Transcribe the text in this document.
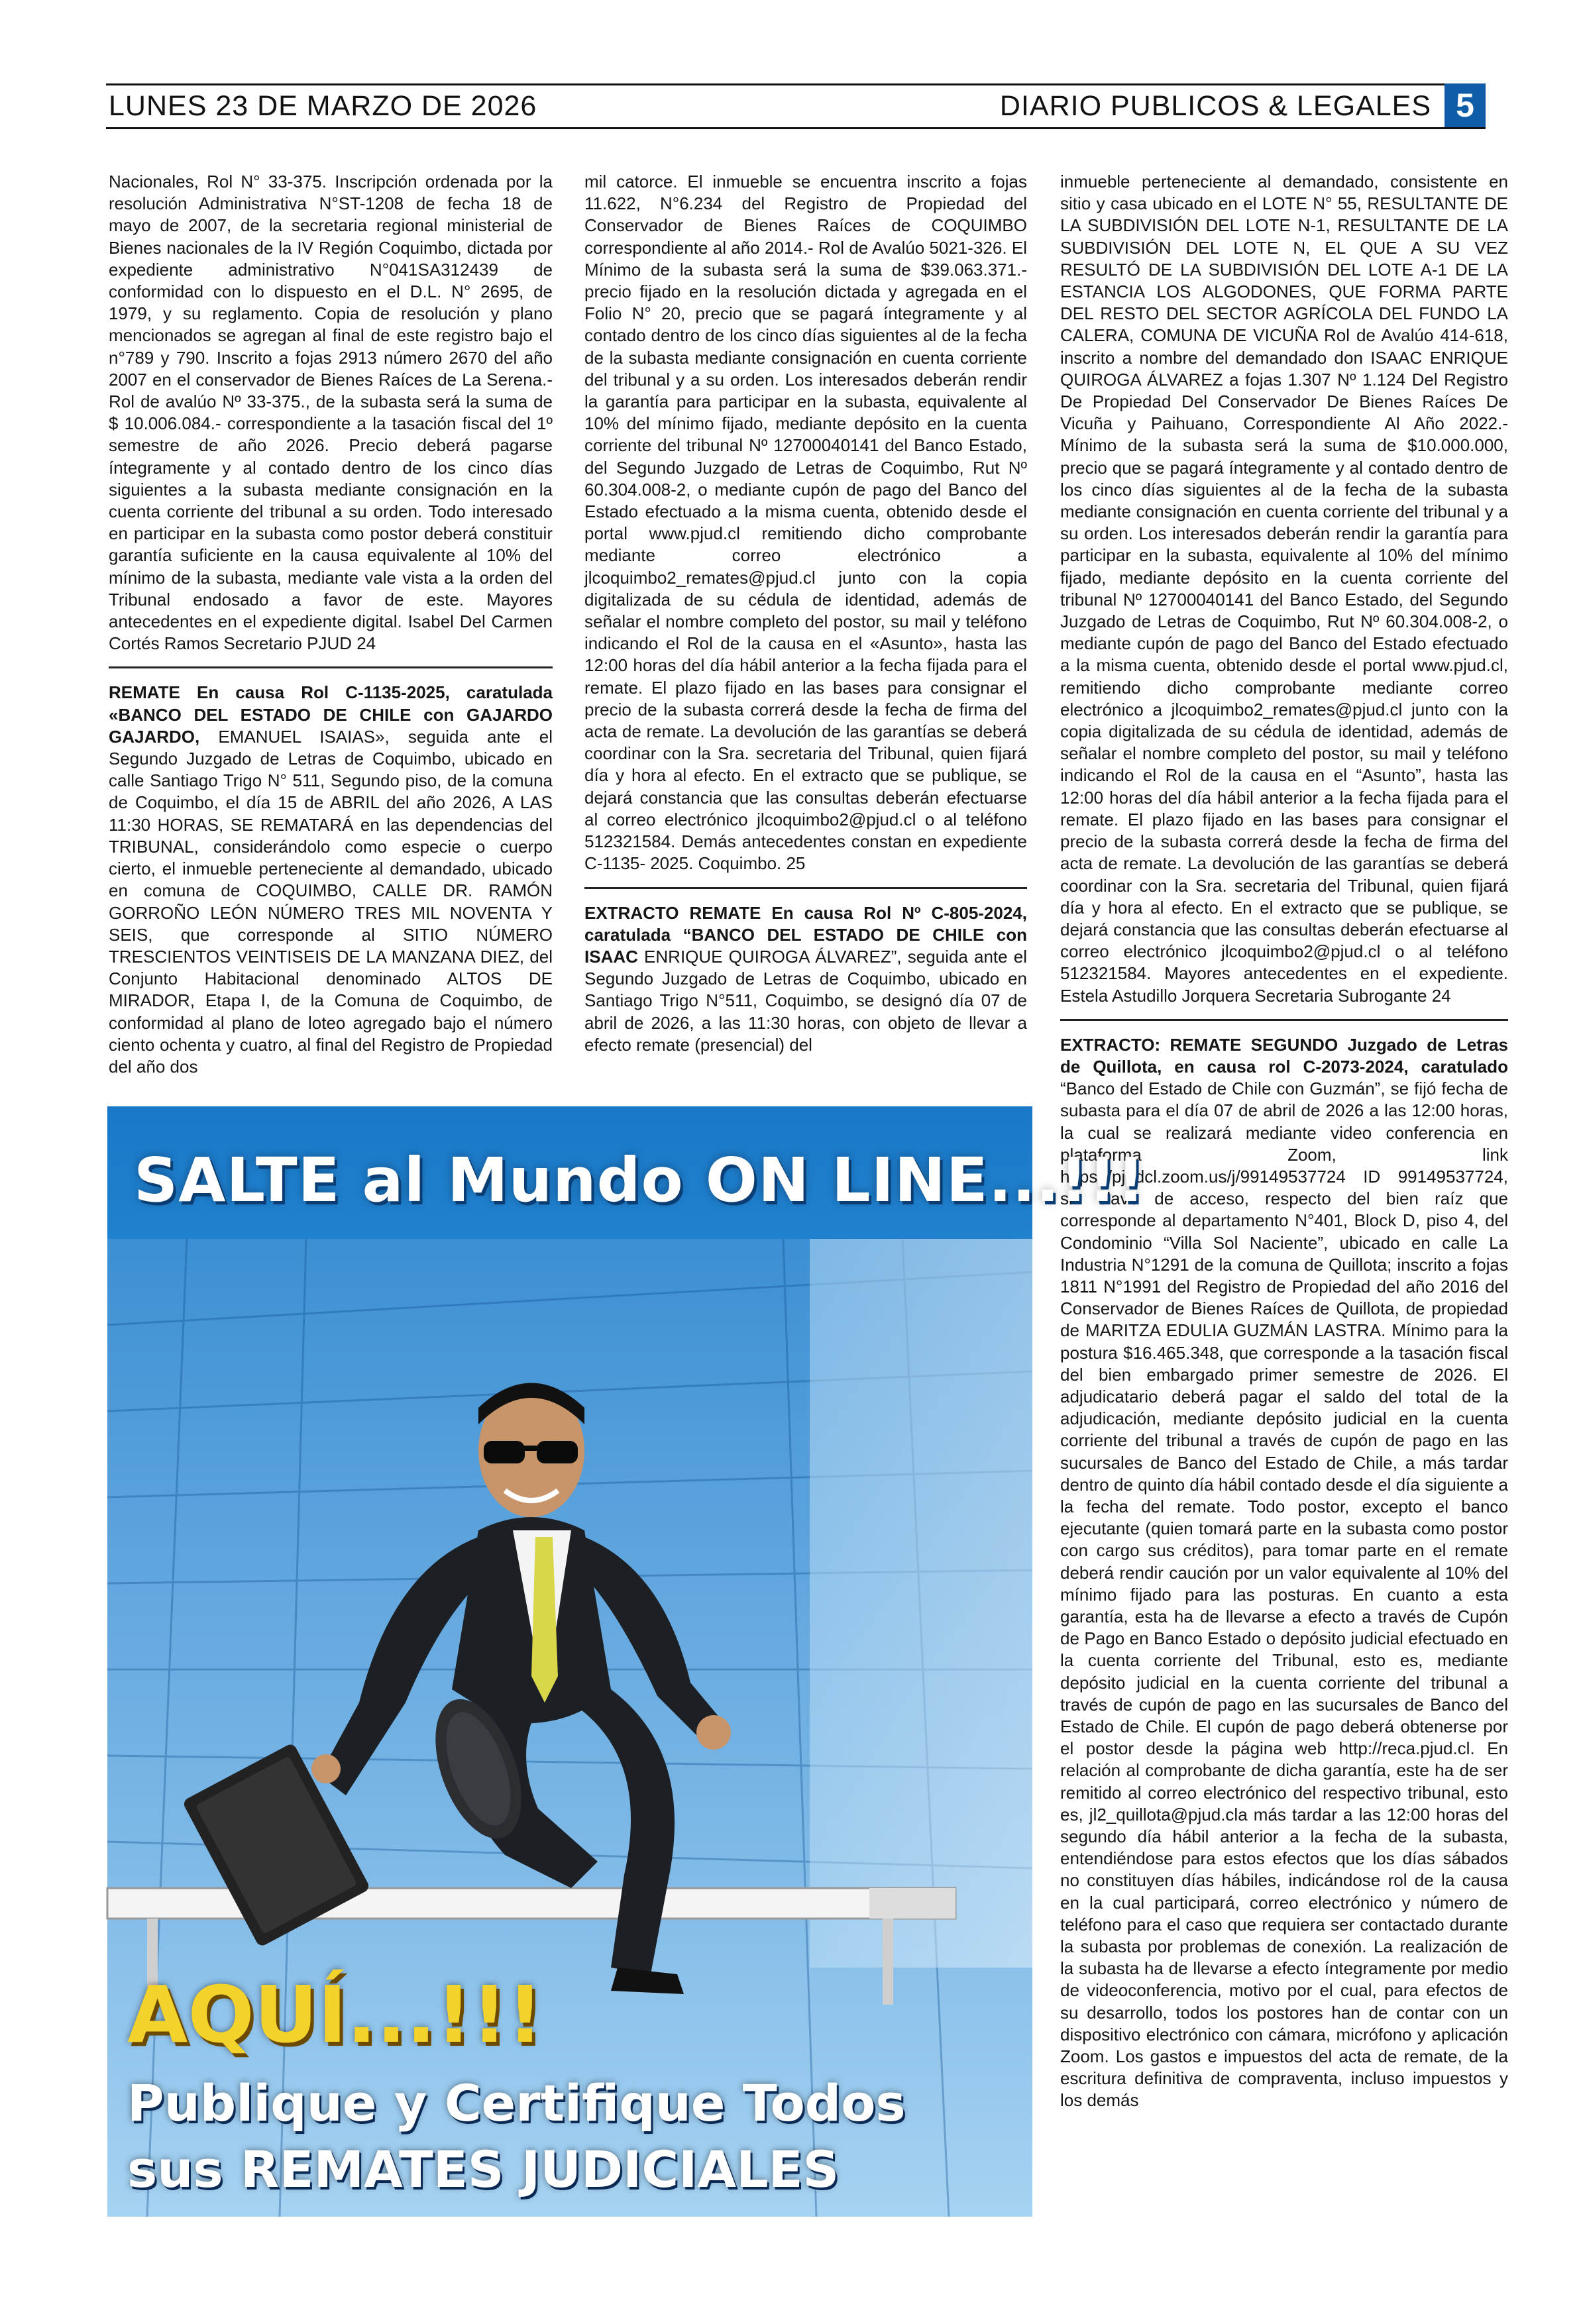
LUNES 23 DE MARZO DE 2026	DIARIO PUBLICOS & LEGALES 5

Nacionales, Rol N° 33-375. Inscripción ordenada por la resolución Administrativa N°ST-1208 de fecha 18 de mayo de 2007, de la secretaria regional ministerial de Bienes nacionales de la IV Región Coquimbo, dictada por expediente administrativo N°041SA312439 de conformidad con lo dispuesto en el D.L. N° 2695, de 1979, y su reglamento. Copia de resolución y plano mencionados se agregan al final de este registro bajo el n°789 y 790. Inscrito a fojas 2913 número 2670 del año 2007 en el conservador de Bienes Raíces de La Serena.- Rol de avalúo Nº 33-375., de la subasta será la suma de $ 10.006.084.- correspondiente a la tasación fiscal del 1º semestre de año 2026. Precio deberá pagarse íntegramente y al contado dentro de los cinco días siguientes a la subasta mediante consignación en la cuenta corriente del tribunal a su orden. Todo interesado en participar en la subasta como postor deberá constituir garantía suficiente en la causa equivalente al 10% del mínimo de la subasta, mediante vale vista a la orden del Tribunal endosado a favor de este. Mayores antecedentes en el expediente digital. Isabel Del Carmen Cortés Ramos Secretario PJUD 24

REMATE En causa Rol C-1135-2025, caratulada «BANCO DEL ESTADO DE CHILE con GAJARDO GAJARDO, EMANUEL ISAIAS», seguida ante el Segundo Juzgado de Letras de Coquimbo, ubicado en calle Santiago Trigo N° 511, Segundo piso, de la comuna de Coquimbo, el día 15 de ABRIL del año 2026, A LAS 11:30 HORAS, SE REMATARÁ en las dependencias del TRIBUNAL, considerándolo como especie o cuerpo cierto, el inmueble perteneciente al demandado, ubicado en comuna de COQUIMBO, CALLE DR. RAMÓN GORROÑO LEÓN NÚMERO TRES MIL NOVENTA Y SEIS, que corresponde al SITIO NÚMERO TRESCIENTOS VEINTISEIS DE LA MANZANA DIEZ, del Conjunto Habitacional denominado ALTOS DE MIRADOR, Etapa I, de la Comuna de Coquimbo, de conformidad al plano de loteo agregado bajo el número ciento ochenta y cuatro, al final del Registro de Propiedad del año dos

mil catorce. El inmueble se encuentra inscrito a fojas 11.622, N°6.234 del Registro de Propiedad del Conservador de Bienes Raíces de COQUIMBO correspondiente al año 2014.- Rol de Avalúo 5021-326. El Mínimo de la subasta será la suma de $39.063.371.- precio fijado en la resolución dictada y agregada en el Folio N° 20, precio que se pagará íntegramente y al contado dentro de los cinco días siguientes al de la fecha de la subasta mediante consignación en cuenta corriente del tribunal y a su orden. Los interesados deberán rendir la garantía para participar en la subasta, equivalente al 10% del mínimo fijado, mediante depósito en la cuenta corriente del tribunal Nº 12700040141 del Banco Estado, del Segundo Juzgado de Letras de Coquimbo, Rut Nº 60.304.008-2, o mediante cupón de pago del Banco del Estado efectuado a la misma cuenta, obtenido desde el portal www.pjud.cl remitiendo dicho comprobante mediante correo electrónico a jlcoquimbo2_remates@pjud.cl junto con la copia digitalizada de su cédula de identidad, además de señalar el nombre completo del postor, su mail y teléfono indicando el Rol de la causa en el «Asunto», hasta las 12:00 horas del día hábil anterior a la fecha fijada para el remate. El plazo fijado en las bases para consignar el precio de la subasta correrá desde la fecha de firma del acta de remate. La devolución de las garantías se deberá coordinar con la Sra. secretaria del Tribunal, quien fijará día y hora al efecto. En el extracto que se publique, se dejará constancia que las consultas deberán efectuarse al correo electrónico jlcoquimbo2@pjud.cl o al teléfono 512321584. Demás antecedentes constan en expediente C-1135- 2025. Coquimbo. 25

EXTRACTO REMATE En causa Rol Nº C-805-2024, caratulada “BANCO DEL ESTADO DE CHILE con ISAAC ENRIQUE QUIROGA ÁLVAREZ”, seguida ante el Segundo Juzgado de Letras de Coquimbo, ubicado en Santiago Trigo N°511, Coquimbo, se designó día 07 de abril de 2026, a las 11:30 horas, con objeto de llevar a efecto remate (presencial) del

inmueble perteneciente al demandado, consistente en sitio y casa ubicado en el LOTE N° 55, RESULTANTE DE LA SUBDIVISIÓN DEL LOTE N-1, RESULTANTE DE LA SUBDIVISIÓN DEL LOTE N, EL QUE A SU VEZ RESULTÓ DE LA SUBDIVISIÓN DEL LOTE A-1 DE LA ESTANCIA LOS ALGODONES, QUE FORMA PARTE DEL RESTO DEL SECTOR AGRÍCOLA DEL FUNDO LA CALERA, COMUNA DE VICUÑA Rol de Avalúo 414-618, inscrito a nombre del demandado don ISAAC ENRIQUE QUIROGA ÁLVAREZ a fojas 1.307 Nº 1.124 Del Registro De Propiedad Del Conservador De Bienes Raíces De Vicuña y Paihuano, Correspondiente Al Año 2022.- Mínimo de la subasta será la suma de $10.000.000, precio que se pagará íntegramente y al contado dentro de los cinco días siguientes al de la fecha de la subasta mediante consignación en cuenta corriente del tribunal y a su orden. Los interesados deberán rendir la garantía para participar en la subasta, equivalente al 10% del mínimo fijado, mediante depósito en la cuenta corriente del tribunal Nº 12700040141 del Banco Estado, del Segundo Juzgado de Letras de Coquimbo, Rut Nº 60.304.008-2, o mediante cupón de pago del Banco del Estado efectuado a la misma cuenta, obtenido desde el portal www.pjud.cl, remitiendo dicho comprobante mediante correo electrónico a jlcoquimbo2_remates@pjud.cl junto con la copia digitalizada de su cédula de identidad, además de señalar el nombre completo del postor, su mail y teléfono indicando el Rol de la causa en el “Asunto”, hasta las 12:00 horas del día hábil anterior a la fecha fijada para el remate. El plazo fijado en las bases para consignar el precio de la subasta correrá desde la fecha de firma del acta de remate. La devolución de las garantías se deberá coordinar con la Sra. secretaria del Tribunal, quien fijará día y hora al efecto. En el extracto que se publique, se dejará constancia que las consultas deberán efectuarse al correo electrónico jlcoquimbo2@pjud.cl o al teléfono 512321584. Mayores antecedentes en el expediente. Estela Astudillo Jorquera Secretaria Subrogante 24

EXTRACTO: REMATE SEGUNDO Juzgado de Letras de Quillota, en causa rol C-2073-2024, caratulado “Banco del Estado de Chile con Guzmán”, se fijó fecha de subasta para el día 07 de abril de 2026 a las 12:00 horas, la cual se realizará mediante video conferencia en plataforma Zoom, link https://pjudcl.zoom.us/j/99149537724 ID 99149537724, sin clave de acceso, respecto del bien raíz que corresponde al departamento N°401, Block D, piso 4, del Condominio “Villa Sol Naciente”, ubicado en calle La Industria N°1291 de la comuna de Quillota; inscrito a fojas 1811 N°1991 del Registro de Propiedad del año 2016 del Conservador de Bienes Raíces de Quillota, de propiedad de MARITZA EDULIA GUZMÁN LASTRA. Mínimo para la postura $16.465.348, que corresponde a la tasación fiscal del bien embargado primer semestre de 2026. El adjudicatario deberá pagar el saldo del total de la adjudicación, mediante depósito judicial en la cuenta corriente del tribunal a través de cupón de pago en las sucursales de Banco del Estado de Chile, a más tardar dentro de quinto día hábil contado desde el día siguiente a la fecha del remate. Todo postor, excepto el banco ejecutante (quien tomará parte en la subasta como postor con cargo sus créditos), para tomar parte en el remate deberá rendir caución por un valor equivalente al 10% del mínimo fijado para las posturas. En cuanto a esta garantía, esta ha de llevarse a efecto a través de Cupón de Pago en Banco Estado o depósito judicial efectuado en la cuenta corriente del Tribunal, esto es, mediante depósito judicial en la cuenta corriente del tribunal a través de cupón de pago en las sucursales de Banco del Estado de Chile. El cupón de pago deberá obtenerse por el postor desde la página web http://reca.pjud.cl. En relación al comprobante de dicha garantía, este ha de ser remitido al correo electrónico del respectivo tribunal, esto es, jl2_quillota@pjud.cla más tardar a las 12:00 horas del segundo día hábil anterior a la fecha de la subasta, entendiéndose para estos efectos que los días sábados no constituyen días hábiles, indicándose rol de la causa en la cual participará, correo electrónico y número de teléfono para el caso que requiera ser contactado durante la subasta por problemas de conexión. La realización de la subasta ha de llevarse a efecto íntegramente por medio de videoconferencia, motivo por el cual, para efectos de su desarrollo, todos los postores han de contar con un dispositivo electrónico con cámara, micrófono y aplicación Zoom. Los gastos e impuestos del acta de remate, de la escritura definitiva de compraventa, incluso impuestos y los demás

SALTE al Mundo ON LINE...!!!
AQUÍ...!!!
Publique y Certifique Todos
sus REMATES JUDICIALES
